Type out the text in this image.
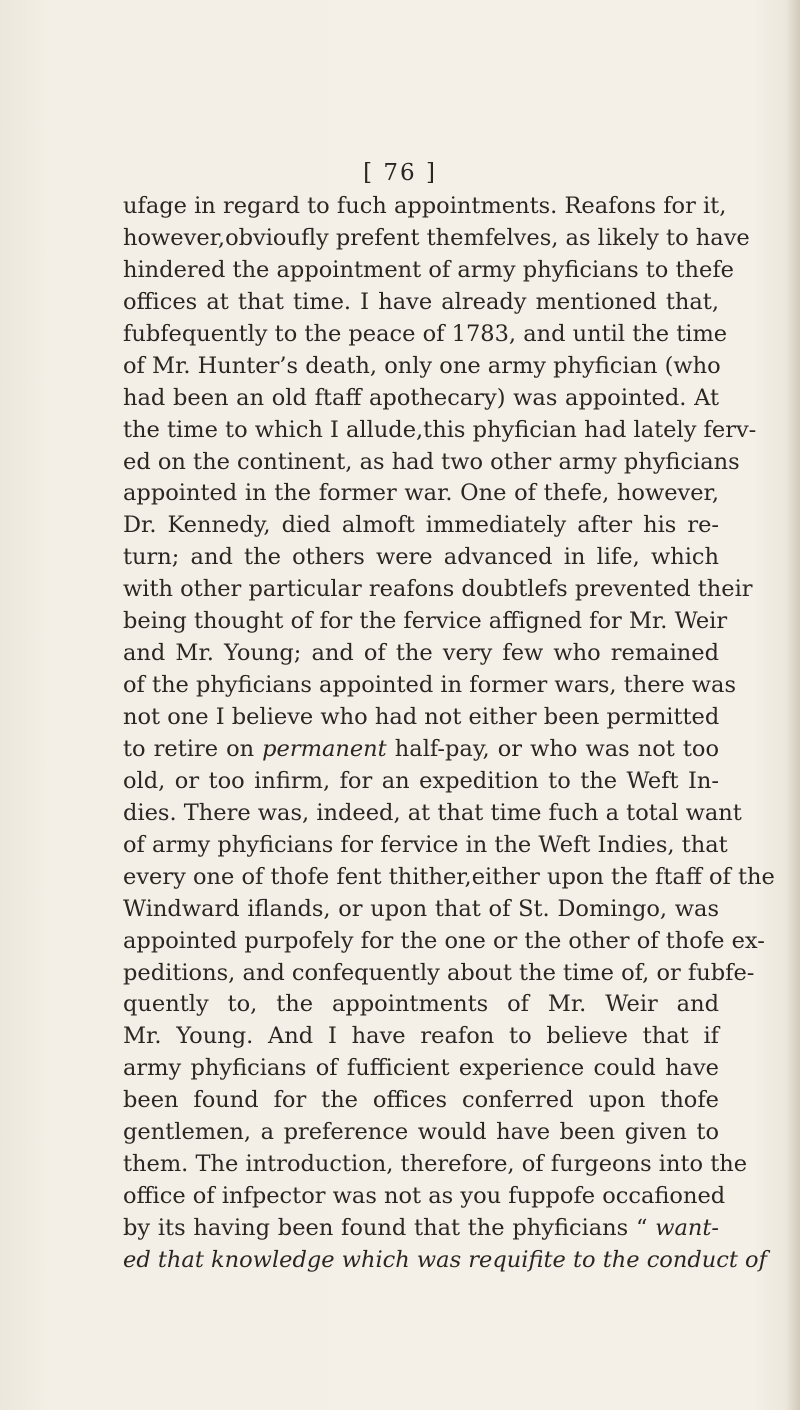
[ 76 ]
ufage in regard to fuch appointments. Reafons for it,
however,obvioufly prefent themfelves, as likely to have
hindered the appointment of army phyficians to thefe
offices at that time. I have already mentioned that,
fubfequently to the peace of 1783, and until the time
of Mr. Hunter’s death, only one army phyfician (who
had been an old ftaff apothecary) was appointed. At
the time to which I allude,this phyfician had lately ferv-
ed on the continent, as had two other army phyficians
appointed in the former war. One of thefe, however,
Dr. Kennedy, died almoft immediately after his re-
turn; and the others were advanced in life, which
with other particular reafons doubtlefs prevented their
being thought of for the fervice affigned for Mr. Weir
and Mr. Young; and of the very few who remained
of the phyficians appointed in former wars, there was
not one I believe who had not either been permitted
to retire on permanent half-pay, or who was not too
old, or too infirm, for an expedition to the Weft In-
dies. There was, indeed, at that time fuch a total want
of army phyficians for fervice in the Weft Indies, that
every one of thofe fent thither,either upon the ftaff of the
Windward iflands, or upon that of St. Domingo, was
appointed purpofely for the one or the other of thofe ex-
peditions, and confequently about the time of, or fubfe-
quently to, the appointments of Mr. Weir and
Mr. Young. And I have reafon to believe that if
army phyficians of fufficient experience could have
been found for the offices conferred upon thofe
gentlemen, a preference would have been given to
them. The introduction, therefore, of furgeons into the
office of infpector was not as you fuppofe occafioned
by its having been found that the phyficians “ want-
ed that knowledge which was requifite to the conduct of
